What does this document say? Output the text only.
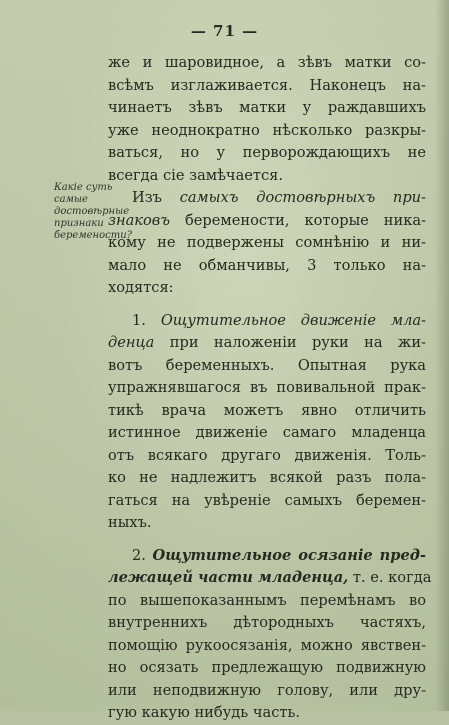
— 71 —
Какіе суть самые достовѣрные признаки беремености?
же и шаровидное, а зѣвъ матки со-
всѣмъ изглаживается. Наконецъ на-
чинаетъ зѣвъ матки у раждавшихъ
уже неоднократно нѣсколько разкры-
ваться, но у перворождающихъ не
всегда сіе замѣчается.
Изъ самыхъ достовѣрныхъ при-
знаковъ беремености, которые ника-
кому не подвержены сомнѣнію и ни-
мало не обманчивы, 3 только на-
ходятся:
1. Ощутительное движеніе мла-
денца при наложеніи руки на жи-
вотъ беременныхъ. Опытная рука
упражнявшагося въ повивальной прак-
тикѣ врача можетъ явно отличить
истинное движеніе самаго младенца
отъ всякаго другаго движенія. Толь-
ко не надлежитъ всякой разъ пола-
гаться на увѣреніе самыхъ беремен-
ныхъ.
2. Ощутительное осязаніе пред-
лежащей части младенца, т. е. когда
по вышепоказаннымъ перемѣнамъ во
внутреннихъ дѣтородныхъ частяхъ,
помощію рукоосязанія, можно явствен-
но осязать предлежащую подвижную
или неподвижную голову, или дру-
гую какую нибудь часть.
